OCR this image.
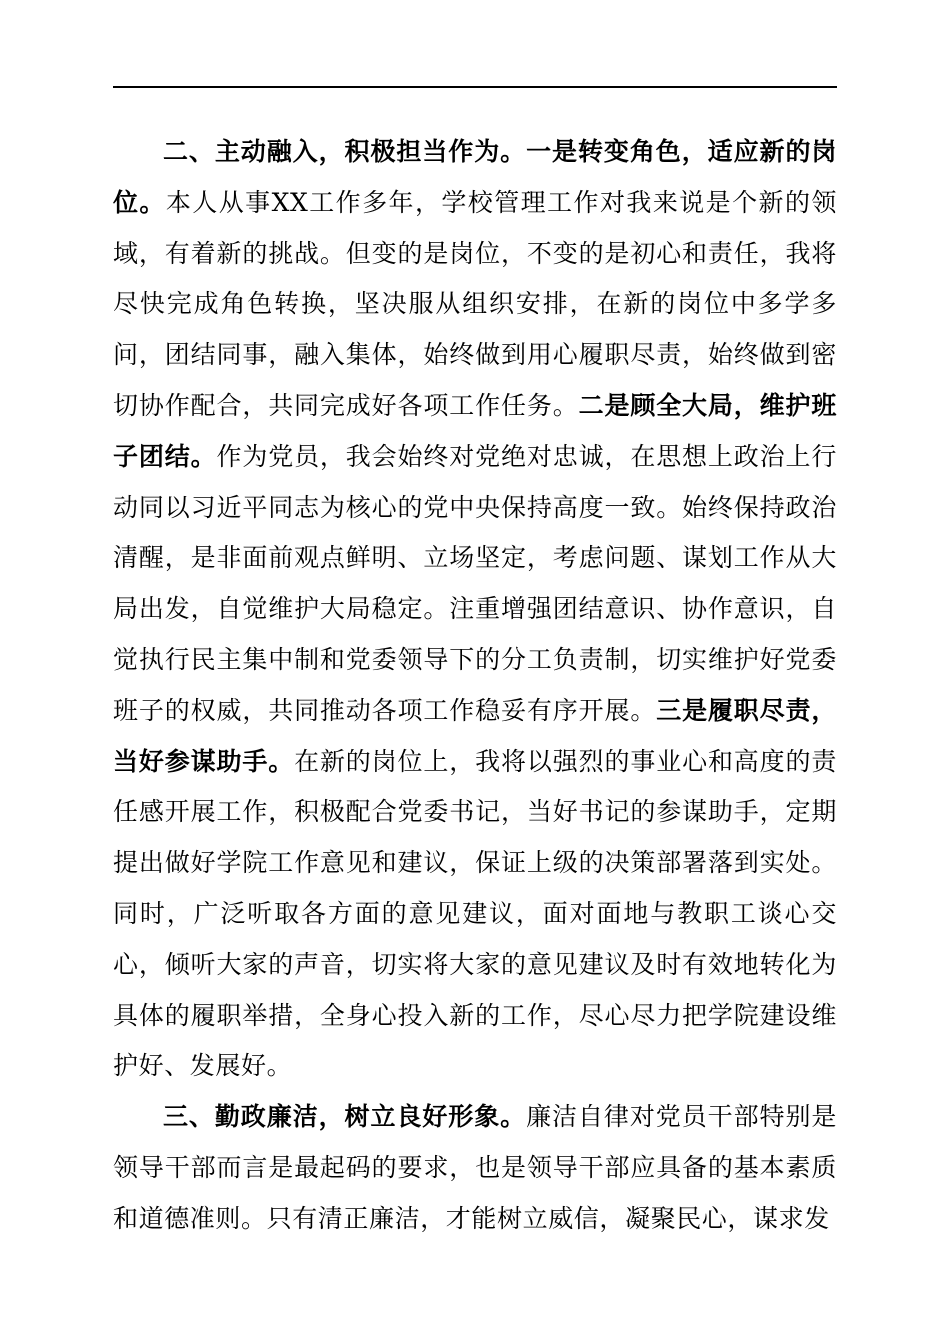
二、主动融入，积极担当作为。一是转变角色，适应新的岗位。本人从事XX工作多年，学校管理工作对我来说是个新的领域，有着新的挑战。但变的是岗位，不变的是初心和责任，我将尽快完成角色转换，坚决服从组织安排，在新的岗位中多学多问，团结同事，融入集体，始终做到用心履职尽责，始终做到密切协作配合，共同完成好各项工作任务。二是顾全大局，维护班子团结。作为党员，我会始终对党绝对忠诚，在思想上政治上行动同以习近平同志为核心的党中央保持高度一致。始终保持政治清醒，是非面前观点鲜明、立场坚定，考虑问题、谋划工作从大局出发，自觉维护大局稳定。注重增强团结意识、协作意识，自觉执行民主集中制和党委领导下的分工负责制，切实维护好党委班子的权威，共同推动各项工作稳妥有序开展。三是履职尽责，当好参谋助手。在新的岗位上，我将以强烈的事业心和高度的责任感开展工作，积极配合党委书记，当好书记的参谋助手，定期提出做好学院工作意见和建议，保证上级的决策部署落到实处。同时，广泛听取各方面的意见建议，面对面地与教职工谈心交心，倾听大家的声音，切实将大家的意见建议及时有效地转化为具体的履职举措，全身心投入新的工作，尽心尽力把学院建设维护好、发展好。

三、勤政廉洁，树立良好形象。廉洁自律对党员干部特别是领导干部而言是最起码的要求，也是领导干部应具备的基本素质和道德准则。只有清正廉洁，才能树立威信，凝聚民心，谋求发
